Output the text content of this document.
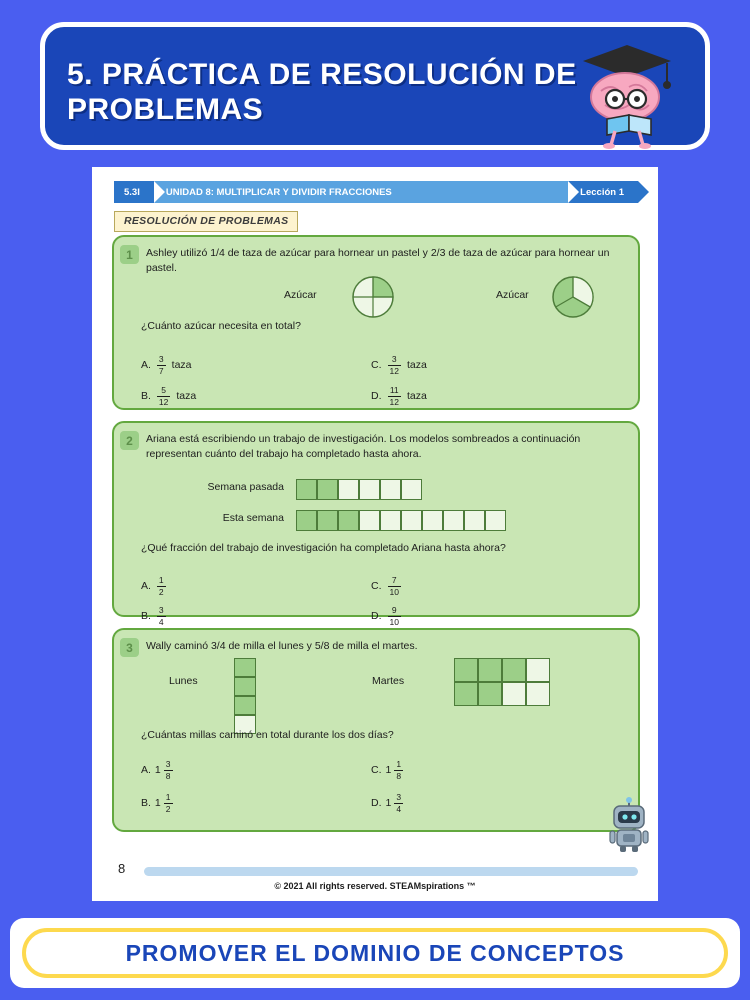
5. PRÁCTICA DE RESOLUCIÓN DE PROBLEMAS
5.3I	UNIDAD 8: MULTIPLICAR Y DIVIDIR FRACCIONES	Lección 1
RESOLUCIÓN DE PROBLEMAS
1	Ashley utilizó 1/4 de taza de azúcar para hornear un pastel y 2/3 de taza de azúcar para hornear un pastel.
Azúcar	Azúcar
¿Cuánto azúcar necesita en total?
A. $\frac{3}{7}$ taza
B. $\frac{5}{12}$ taza
C. $\frac{3}{12}$ taza
D. $\frac{11}{12}$ taza
2	Ariana está escribiendo un trabajo de investigación. Los modelos sombreados a continuación representan cuánto del trabajo ha completado hasta ahora.
Semana pasada
Esta semana
¿Qué fracción del trabajo de investigación ha completado Ariana hasta ahora?
A. $\frac{1}{2}$
B. $\frac{3}{4}$
C. $\frac{7}{10}$
D. $\frac{9}{10}$
3	Wally caminó 3/4 de milla el lunes y 5/8 de milla el martes.
Lunes	Martes
¿Cuántas millas caminó en total durante los dos días?
A. $1 \frac{3}{8}$
B. $1 \frac{1}{2}$
C. $1 \frac{1}{8}$
D. $1 \frac{3}{4}$
8
© 2021 All rights reserved. STEAMspirations ™
PROMOVER EL DOMINIO DE CONCEPTOS
